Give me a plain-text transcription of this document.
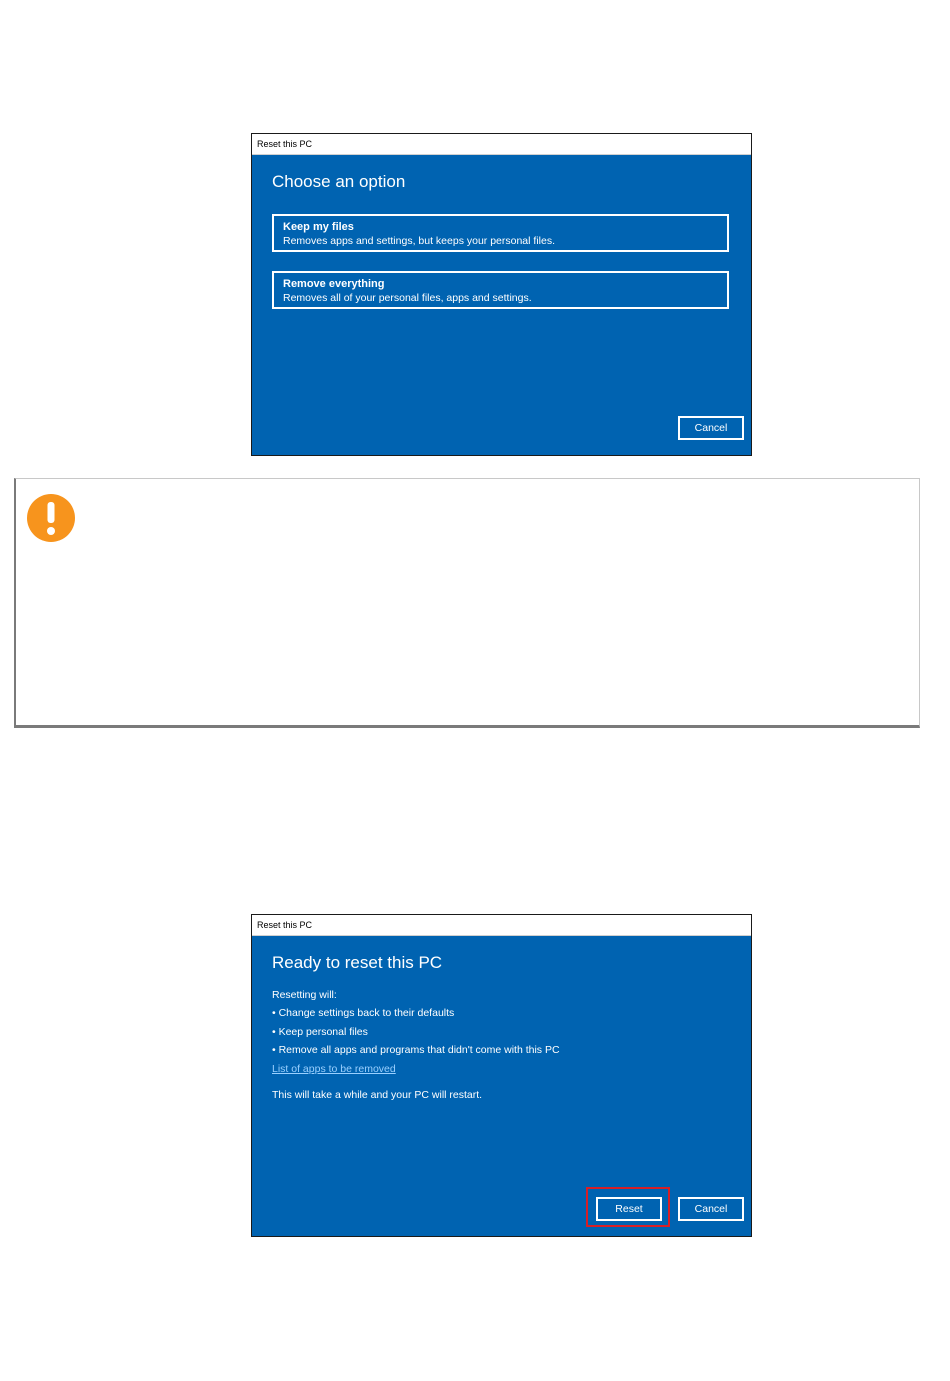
Reset this PC
Choose an option
Keep my files
Removes apps and settings, but keeps your personal files.
Remove everything
Removes all of your personal files, apps and settings.
Cancel
Reset this PC
Ready to reset this PC
Resetting will:
• Change settings back to their defaults
• Keep personal files
• Remove all apps and programs that didn't come with this PC
List of apps to be removed
This will take a while and your PC will restart.
Reset	Cancel
